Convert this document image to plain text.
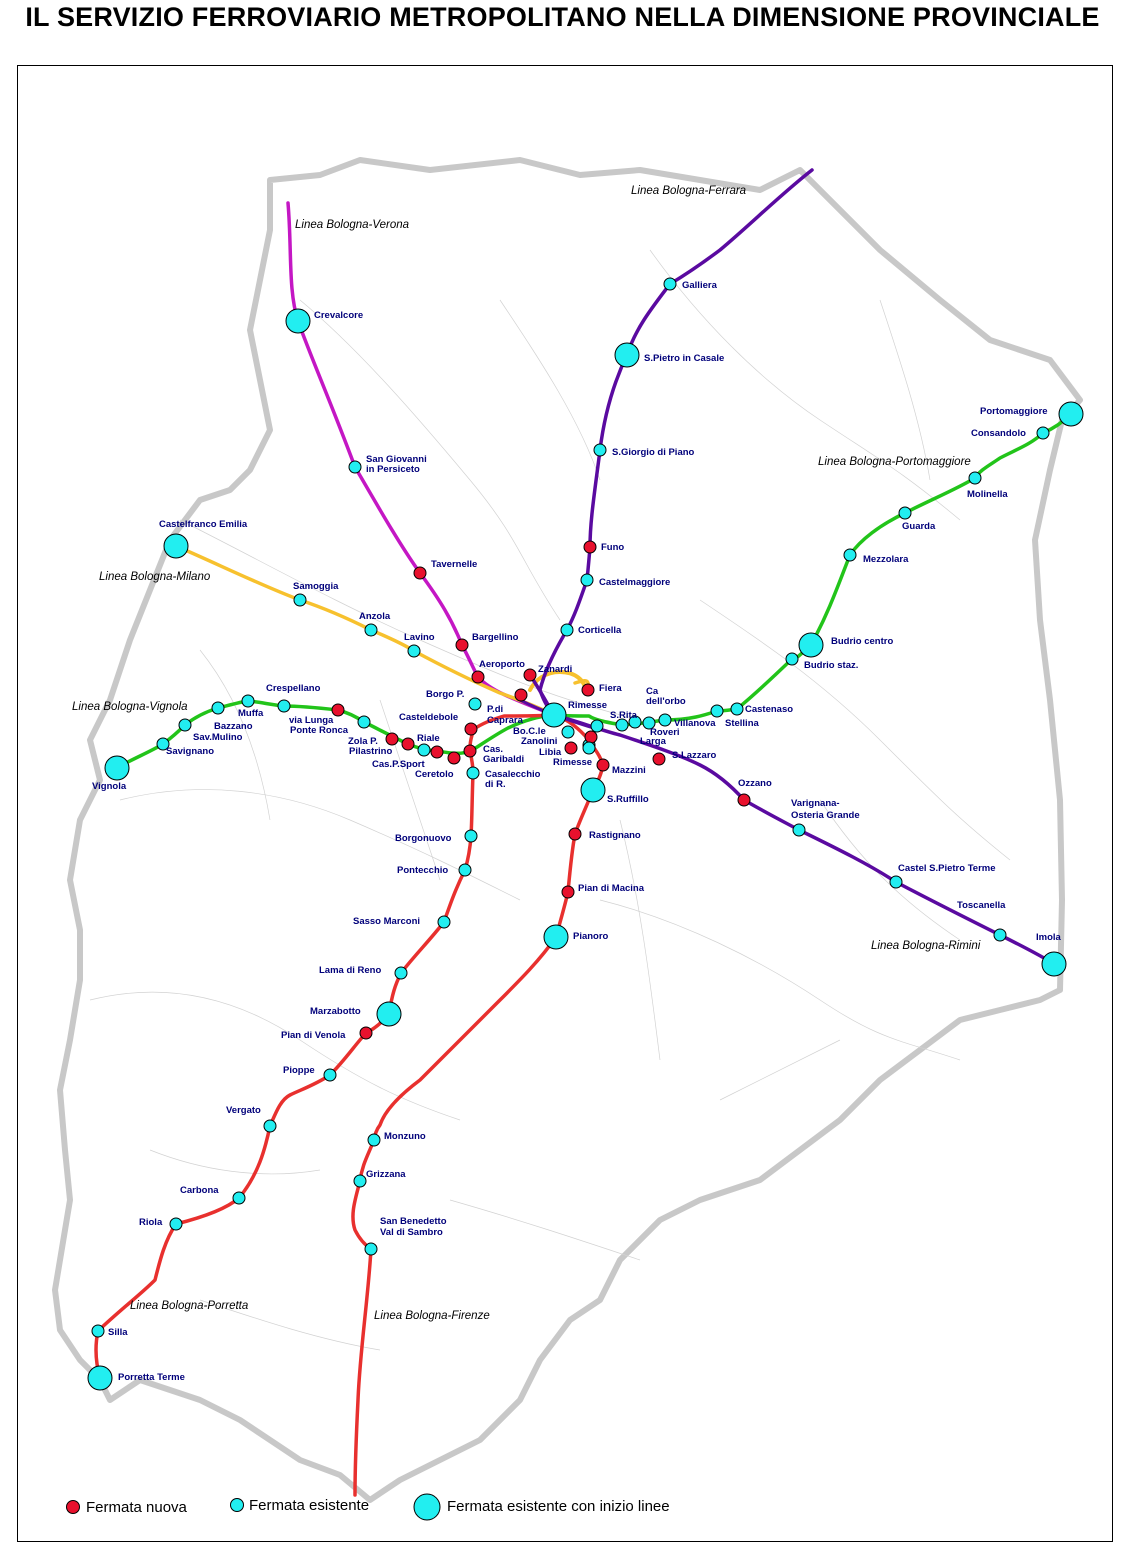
IL SERVIZIO FERROVIARIO METROPOLITANO NELLA DIMENSIONE PROVINCIALE
Linea Bologna-Verona
Linea Bologna-Ferrara
Linea Bologna-Portomaggiore
Linea Bologna-Milano
Linea Bologna-Vignola
Linea Bologna-Porretta
Linea Bologna-Firenze
Linea Bologna-Rimini
Crevalcore
San Giovanni
in Persiceto
Tavernelle
Bargellino
Aeroporto
Galliera
S.Pietro in Casale
S.Giorgio di Piano
Funo
Castelmaggiore
Corticella
Zanardi
Portomaggiore
Consandolo
Molinella
Guarda
Mezzolara
Budrio centro
Budrio staz.
Castenaso
Stellina
Villanova
Roveri
Larga
S.Rita
Ca
dell'orbo
Fiera
Castelfranco Emilia
Samoggia
Anzola
Lavino
Borgo P.
P.di
Caprara
Rimesse
Bo.C.le
Zanolini
Libia
Rimesse
Mazzini
S.Lazzaro
Ozzano
Varignana-
Osteria Grande
Castel S.Pietro Terme
Toscanella
Imola
Vignola
Savignano
Sav.Mulino
Bazzano
Muffa
Crespellano
via Lunga
Ponte Ronca
Zola P.
Pilastrino
Riale
Cas.P.Sport
Ceretolo
Casteldebole
Cas.
Garibaldi
Casalecchio
di R.
Borgonuovo
Pontecchio
Sasso Marconi
Lama di Reno
Marzabotto
Pian di Venola
Pioppe
Vergato
Carbona
Riola
Silla
Porretta Terme
S.Ruffillo
Rastignano
Pian di Macina
Pianoro
Monzuno
Grizzana
San Benedetto
Val di Sambro
Fermata nuova	Fermata esistente	Fermata esistente con inizio linee
